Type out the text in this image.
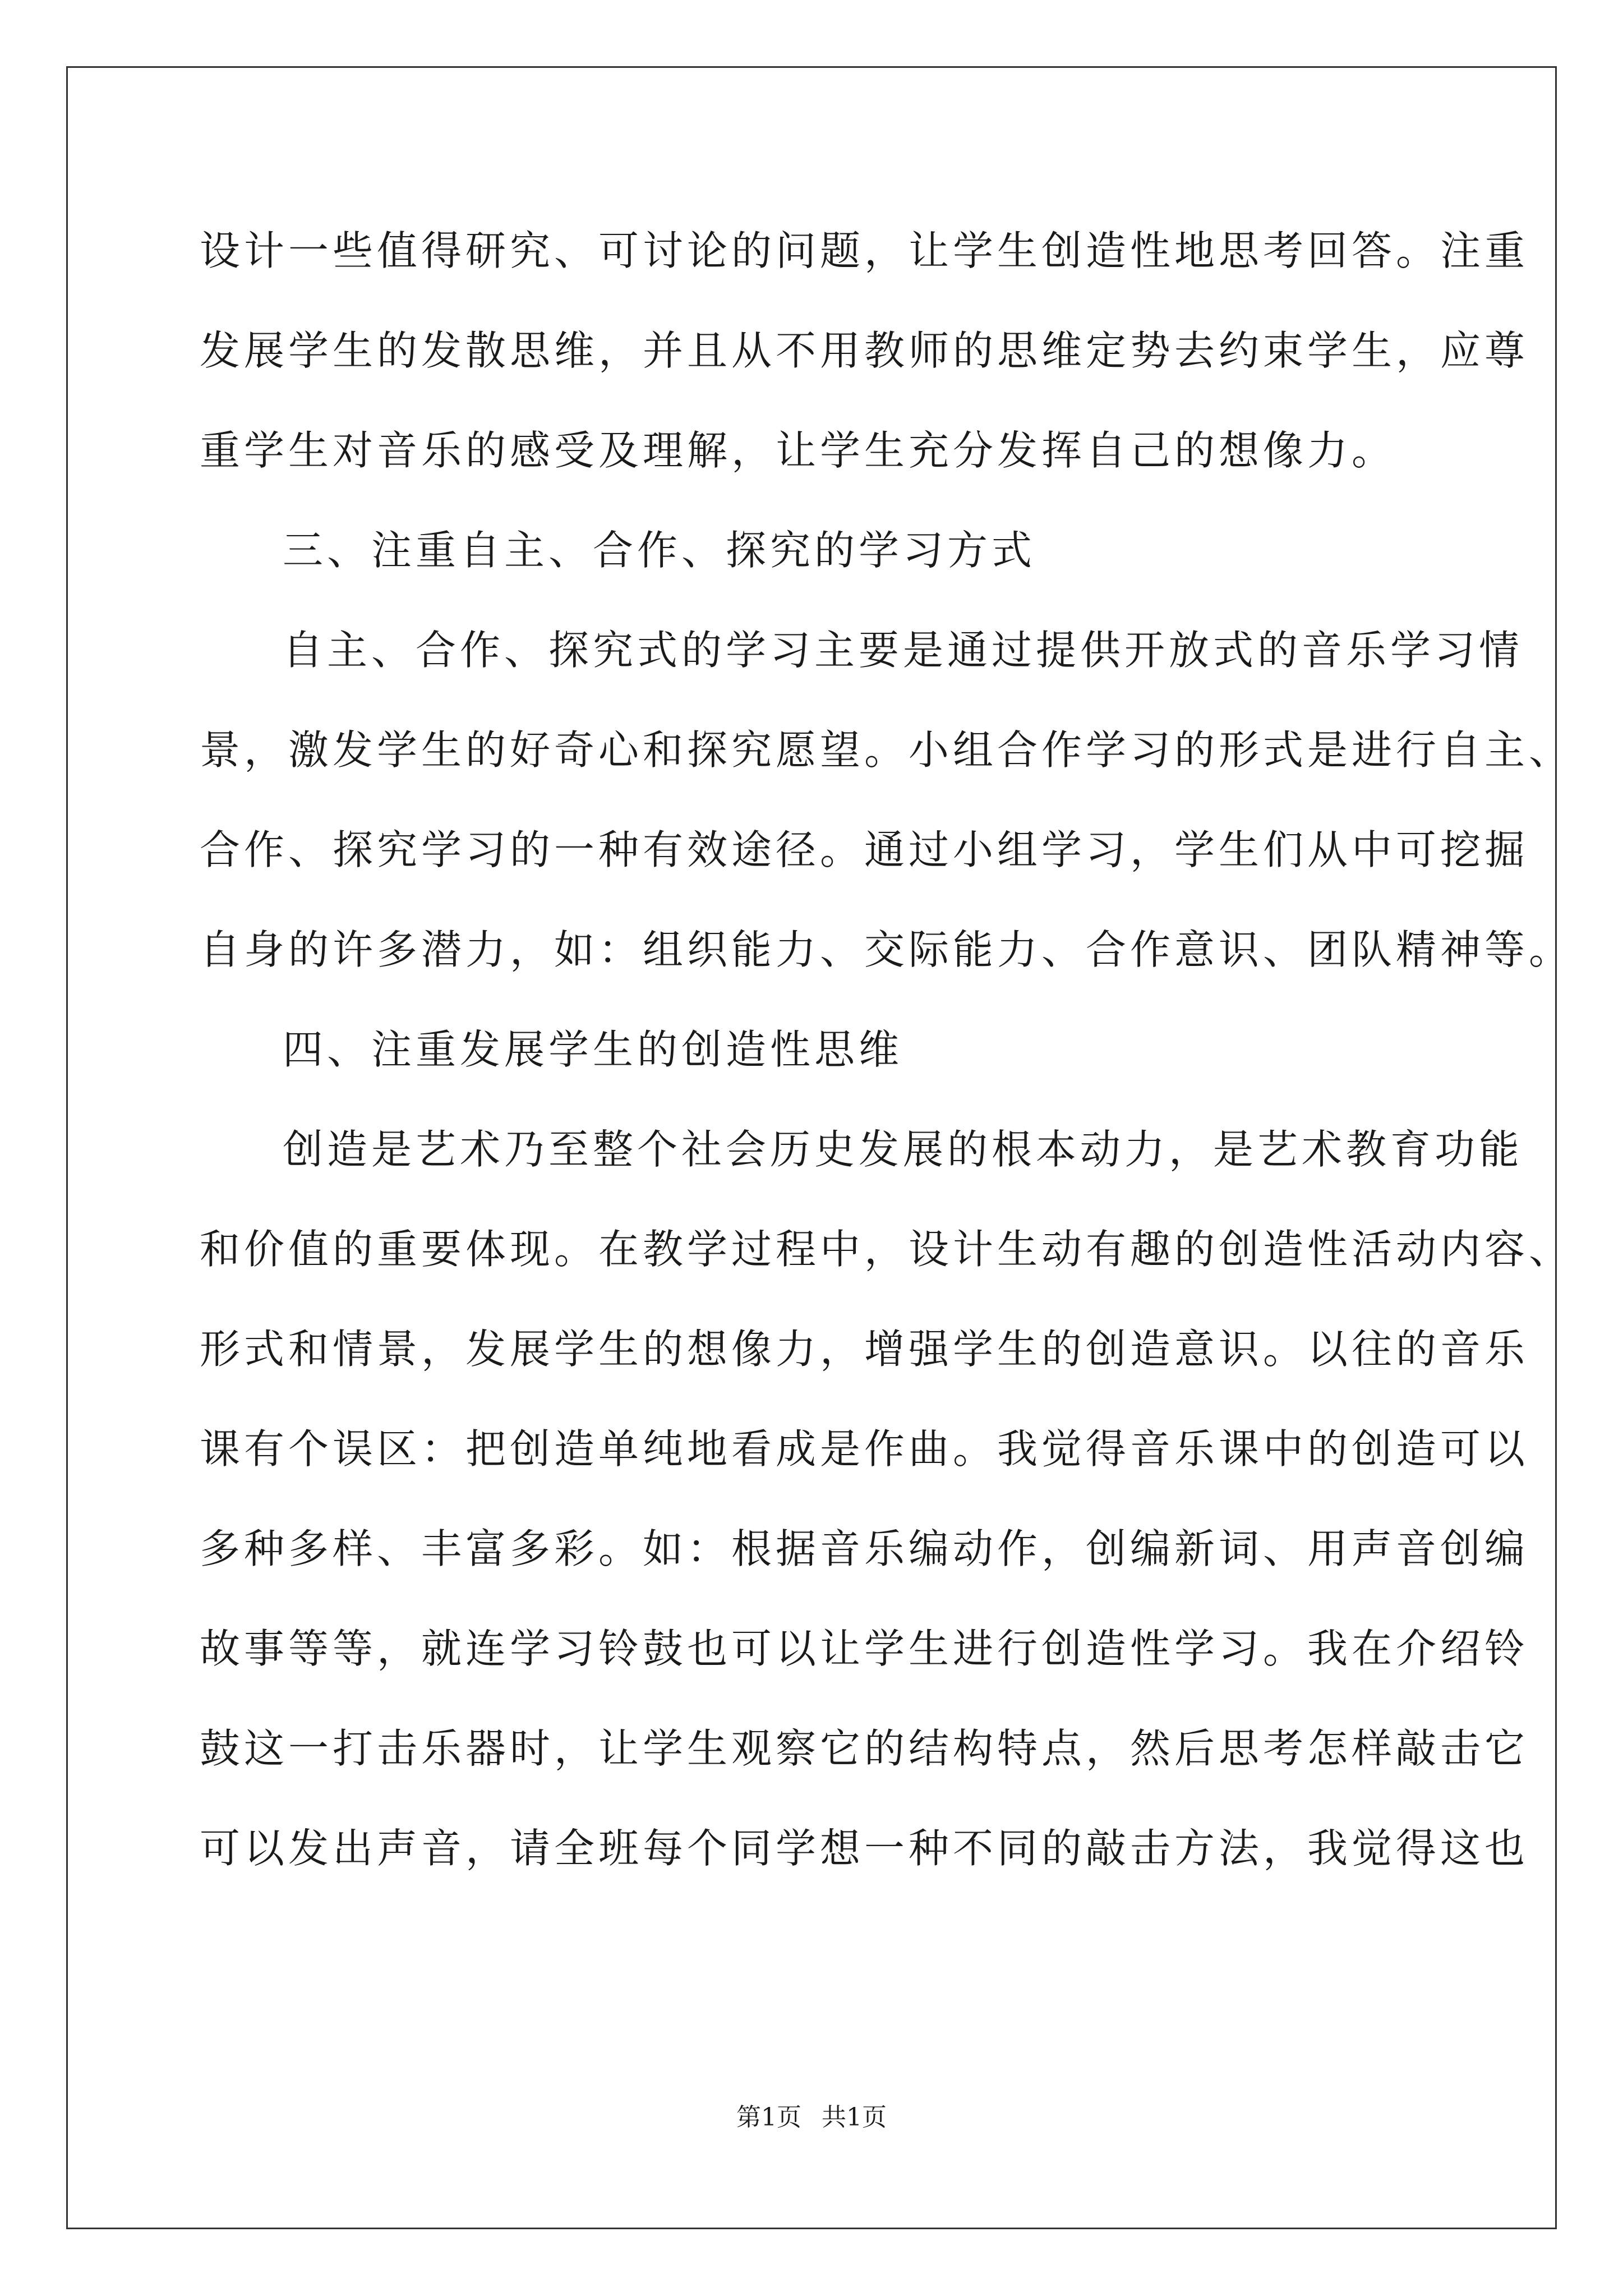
设计一些值得研究、可讨论的问题，让学生创造性地思考回答。注重
发展学生的发散思维，并且从不用教师的思维定势去约束学生，应尊
重学生对音乐的感受及理解，让学生充分发挥自己的想像力。
三、注重自主、合作、探究的学习方式
自主、合作、探究式的学习主要是通过提供开放式的音乐学习情
景，激发学生的好奇心和探究愿望。小组合作学习的形式是进行自主、
合作、探究学习的一种有效途径。通过小组学习，学生们从中可挖掘
自身的许多潜力，如：组织能力、交际能力、合作意识、团队精神等。
四、注重发展学生的创造性思维
创造是艺术乃至整个社会历史发展的根本动力，是艺术教育功能
和价值的重要体现。在教学过程中，设计生动有趣的创造性活动内容、
形式和情景，发展学生的想像力，增强学生的创造意识。以往的音乐
课有个误区：把创造单纯地看成是作曲。我觉得音乐课中的创造可以
多种多样、丰富多彩。如：根据音乐编动作，创编新词、用声音创编
故事等等，就连学习铃鼓也可以让学生进行创造性学习。我在介绍铃
鼓这一打击乐器时，让学生观察它的结构特点，然后思考怎样敲击它
可以发出声音，请全班每个同学想一种不同的敲击方法，我觉得这也
第1页 共1页
